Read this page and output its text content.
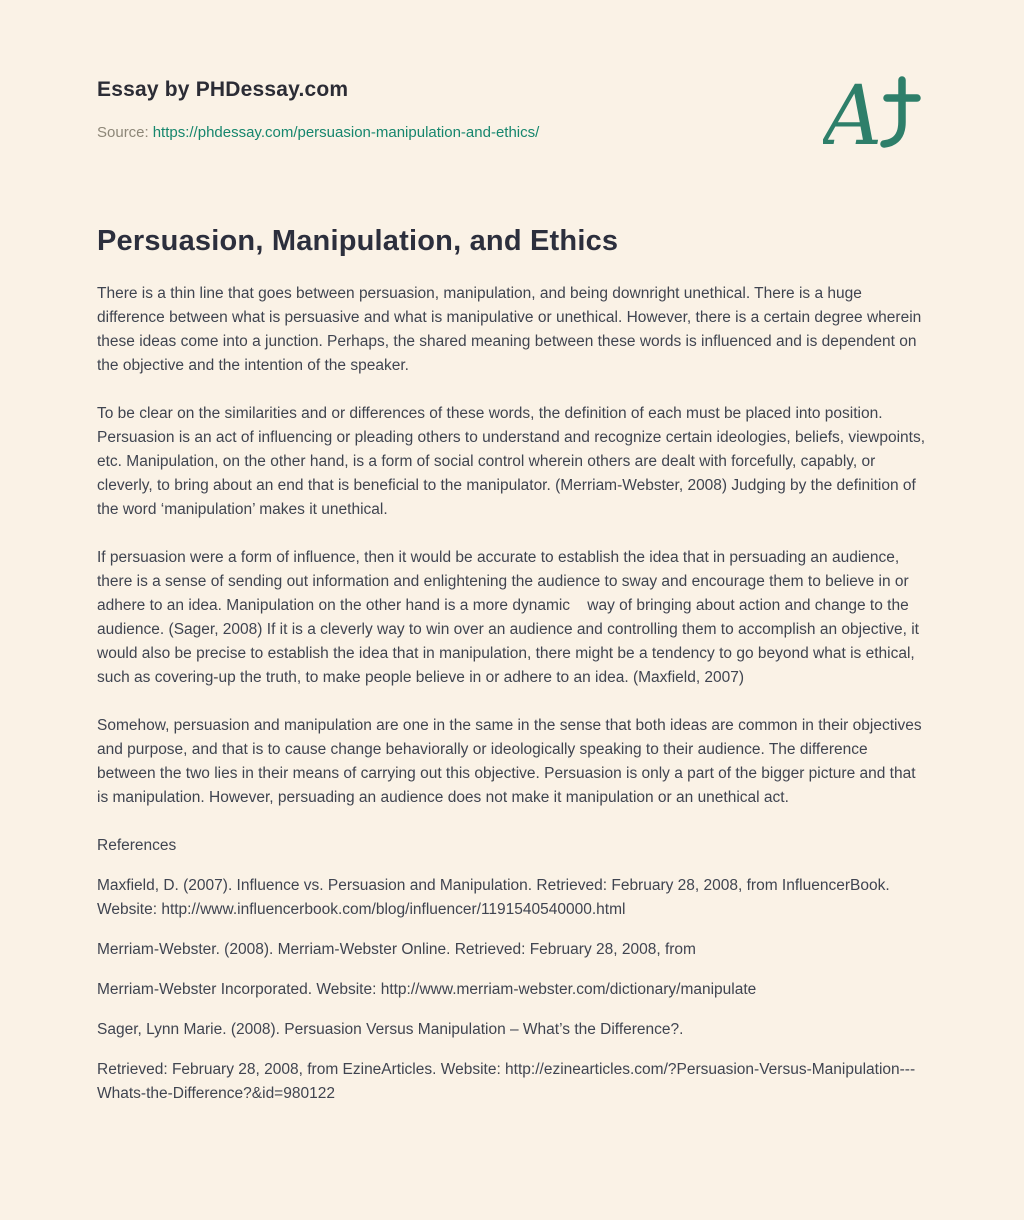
Essay by PHDessay.com
Source: https://phdessay.com/persuasion-manipulation-and-ethics/	A
Persuasion, Manipulation, and Ethics

There is a thin line that goes between persuasion, manipulation, and being downright unethical. There is a huge difference between what is persuasive and what is manipulative or unethical. However, there is a certain degree wherein these ideas come into a junction. Perhaps, the shared meaning between these words is influenced and is dependent on the objective and the intention of the speaker.

To be clear on the similarities and or differences of these words, the definition of each must be placed into position. Persuasion is an act of influencing or pleading others to understand and recognize certain ideologies, beliefs, viewpoints, etc. Manipulation, on the other hand, is a form of social control wherein others are dealt with forcefully, capably, or cleverly, to bring about an end that is beneficial to the manipulator. (Merriam-Webster, 2008) Judging by the definition of the word ‘manipulation’ makes it unethical.

If persuasion were a form of influence, then it would be accurate to establish the idea that in persuading an audience, there is a sense of sending out information and enlightening the audience to sway and encourage them to believe in or adhere to an idea. Manipulation on the other hand is a more dynamic    way of bringing about action and change to the audience. (Sager, 2008) If it is a cleverly way to win over an audience and controlling them to accomplish an objective, it would also be precise to establish the idea that in manipulation, there might be a tendency to go beyond what is ethical, such as covering-up the truth, to make people believe in or adhere to an idea. (Maxfield, 2007)

Somehow, persuasion and manipulation are one in the same in the sense that both ideas are common in their objectives and purpose, and that is to cause change behaviorally or ideologically speaking to their audience. The difference between the two lies in their means of carrying out this objective. Persuasion is only a part of the bigger picture and that is manipulation. However, persuading an audience does not make it manipulation or an unethical act.

References

Maxfield, D. (2007). Influence vs. Persuasion and Manipulation. Retrieved: February 28, 2008, from InfluencerBook. Website: http://www.influencerbook.com/blog/influencer/1191540540000.html

Merriam-Webster. (2008). Merriam-Webster Online. Retrieved: February 28, 2008, from

Merriam-Webster Incorporated. Website: http://www.merriam-webster.com/dictionary/manipulate

Sager, Lynn Marie. (2008). Persuasion Versus Manipulation – What’s the Difference?.

Retrieved: February 28, 2008, from EzineArticles. Website: http://ezinearticles.com/?Persuasion-Versus-Manipulation---Whats-the-Difference?&id=980122
